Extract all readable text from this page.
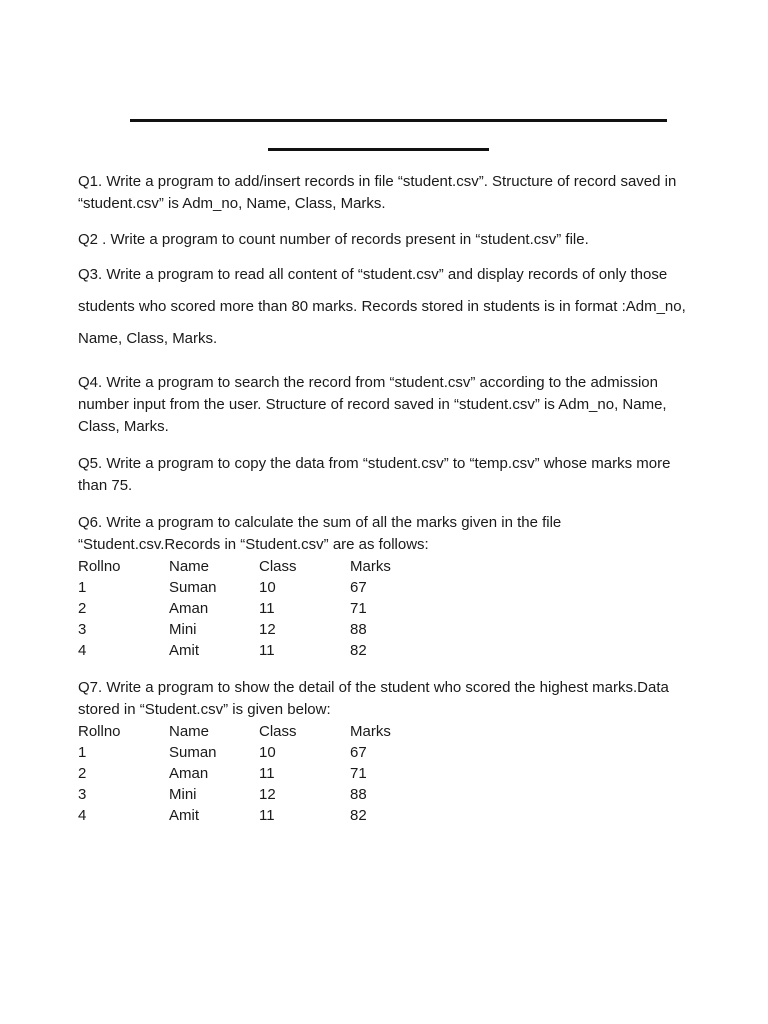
Q1. Write a program to add/insert records in file “student.csv”. Structure of record saved in “student.csv” is Adm_no, Name, Class, Marks.

Q2 . Write a program to count number of records present in “student.csv” file.

Q3. Write a program to read all content of “student.csv” and display records of only those students who scored more than 80 marks. Records stored in students is in format :Adm_no, Name, Class, Marks.

Q4. Write a program to search the record from “student.csv” according to the admission number input from the user. Structure of record saved in “student.csv” is Adm_no, Name, Class, Marks.

Q5. Write a program to copy the data from “student.csv” to “temp.csv” whose marks more than 75.

Q6. Write a program to calculate the sum of all the marks given in the file “Student.csv.Records in “Student.csv” are as follows:

Rollno	Name	Class	Marks
1	Suman	10	67
2	Aman	11	71
3	Mini	12	88
4	Amit	11	82

Q7. Write a program to show the detail of the student who scored the highest marks.Data stored in “Student.csv” is given below:

Rollno	Name	Class	Marks
1	Suman	10	67
2	Aman	11	71
3	Mini	12	88
4	Amit	11	82
